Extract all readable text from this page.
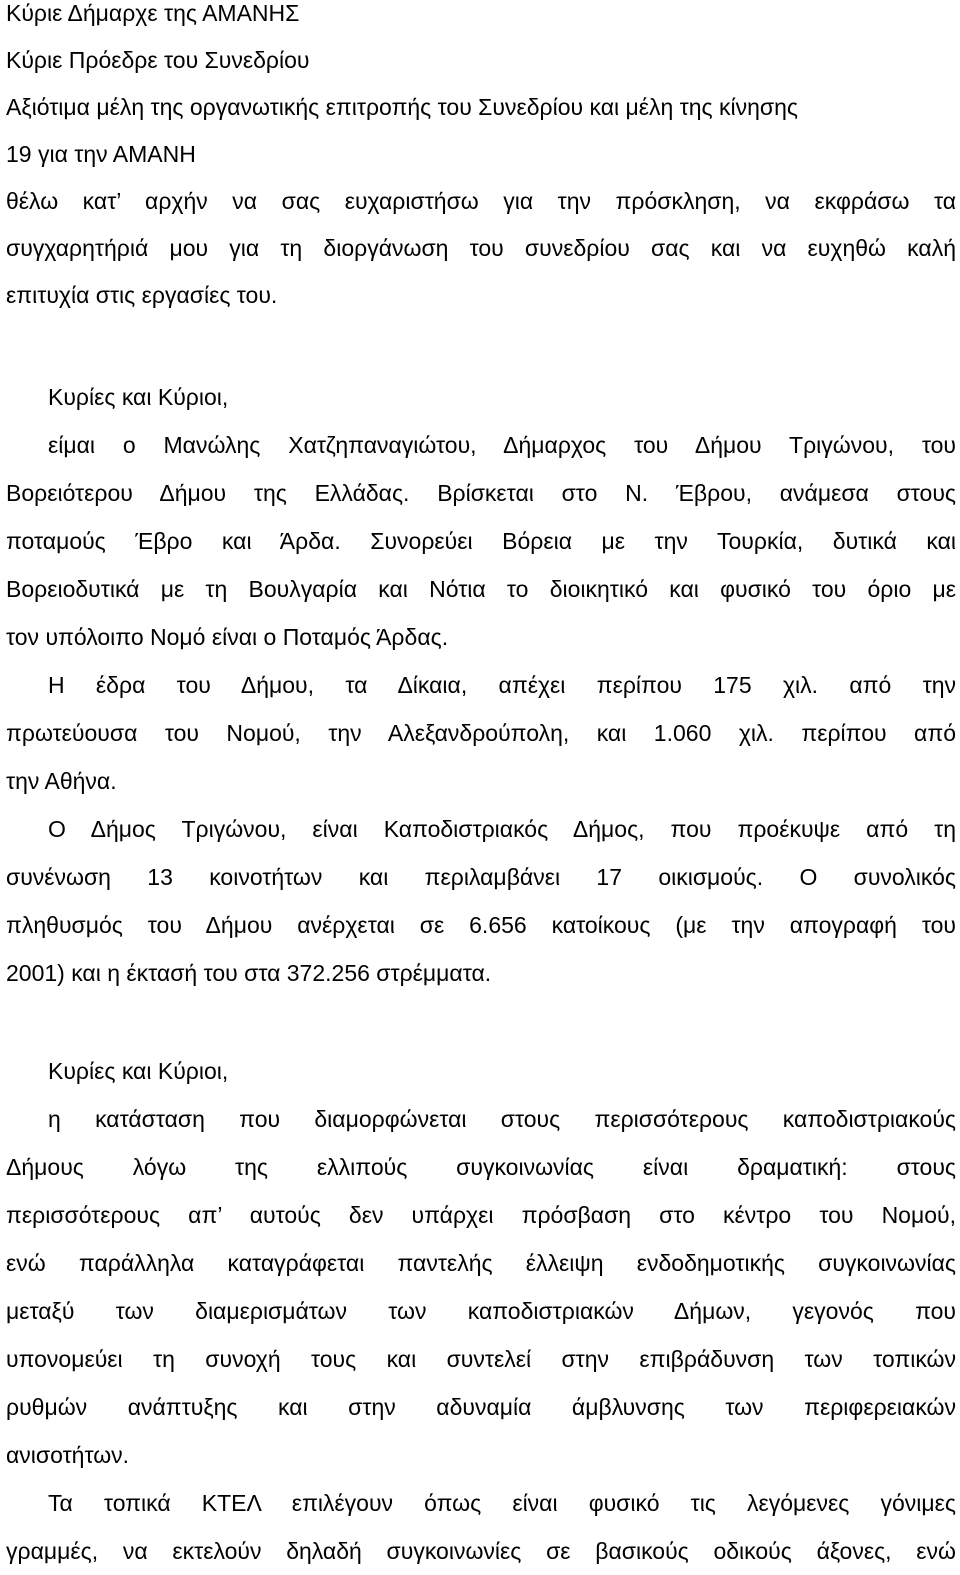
Κύριε Δήμαρχε της ΑΜΑΝΗΣ
Κύριε Πρόεδρε του Συνεδρίου
Αξιότιμα μέλη της οργανωτικής επιτροπής του Συνεδρίου και μέλη της κίνησης
19 για την ΑΜΑΝΗ
θέλω κατ’ αρχήν να σας ευχαριστήσω για την πρόσκληση, να εκφράσω τα
συγχαρητήριά μου για τη διοργάνωση του συνεδρίου σας και να ευχηθώ καλή
επιτυχία στις εργασίες του.
Κυρίες και Κύριοι,
είμαι ο Μανώλης Χατζηπαναγιώτου, Δήμαρχος του Δήμου Τριγώνου, του
Βορειότερου Δήμου της Ελλάδας. Βρίσκεται στο Ν. Έβρου, ανάμεσα στους
ποταμούς Έβρο και Άρδα. Συνορεύει Βόρεια με την Τουρκία, δυτικά και
Βορειοδυτικά με τη Βουλγαρία και Νότια το διοικητικό και φυσικό του όριο με
τον υπόλοιπο Νομό είναι ο Ποταμός Άρδας.
Η έδρα του Δήμου, τα Δίκαια, απέχει περίπου 175 χιλ. από την
πρωτεύουσα του Νομού, την Αλεξανδρούπολη, και 1.060 χιλ. περίπου από
την Αθήνα.
Ο Δήμος Τριγώνου, είναι Καποδιστριακός Δήμος, που προέκυψε από τη
συνένωση 13 κοινοτήτων και περιλαμβάνει 17 οικισμούς. Ο συνολικός
πληθυσμός του Δήμου ανέρχεται σε 6.656 κατοίκους (με την απογραφή του
2001) και η έκτασή του στα 372.256 στρέμματα.
Κυρίες και Κύριοι,
η κατάσταση που διαμορφώνεται στους περισσότερους καποδιστριακούς
Δήμους λόγω της ελλιπούς συγκοινωνίας είναι δραματική: στους
περισσότερους απ’ αυτούς δεν υπάρχει πρόσβαση στο κέντρο του Νομού,
ενώ παράλληλα καταγράφεται παντελής έλλειψη ενδοδημοτικής συγκοινωνίας
μεταξύ των διαμερισμάτων των καποδιστριακών Δήμων, γεγονός που
υπονομεύει τη συνοχή τους και συντελεί στην επιβράδυνση των τοπικών
ρυθμών ανάπτυξης και στην αδυναμία άμβλυνσης των περιφερειακών
ανισοτήτων.
Τα τοπικά ΚΤΕΛ επιλέγουν όπως είναι φυσικό τις λεγόμενες γόνιμες
γραμμές, να εκτελούν δηλαδή συγκοινωνίες σε βασικούς οδικούς άξονες, ενώ
